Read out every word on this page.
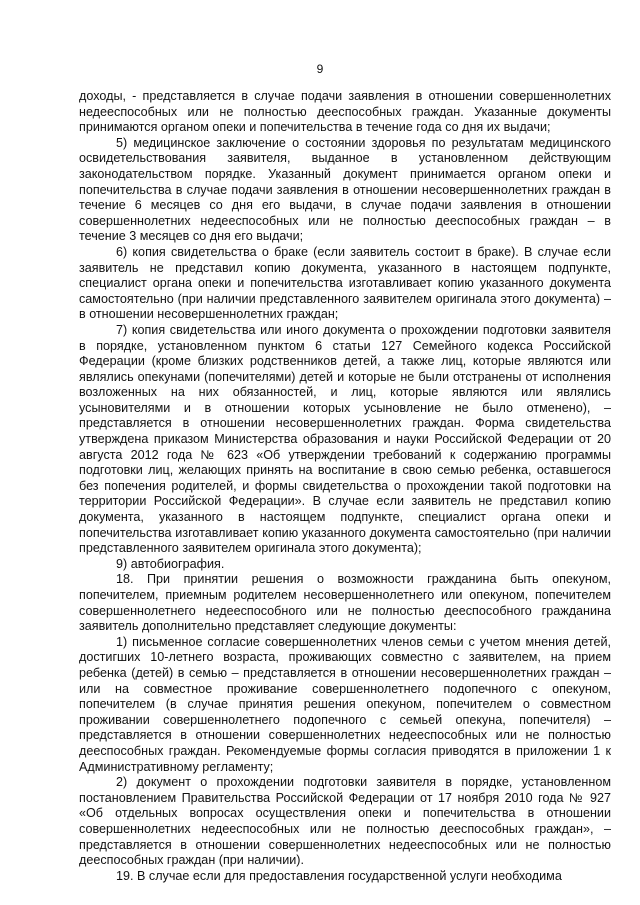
9

доходы, - представляется в случае подачи заявления в отношении совершеннолетних недееспособных или не полностью дееспособных граждан. Указанные документы принимаются органом опеки и попечительства в течение года со дня их выдачи;

5) медицинское заключение о состоянии здоровья по результатам медицинского освидетельствования заявителя, выданное в установленном действующим законодательством порядке. Указанный документ принимается органом опеки и попечительства в случае подачи заявления в отношении несовершеннолетних граждан в течение 6 месяцев со дня его выдачи, в случае подачи заявления в отношении совершеннолетних недееспособных или не полностью дееспособных граждан – в течение 3 месяцев со дня его выдачи;

6) копия свидетельства о браке (если заявитель состоит в браке). В случае если заявитель не представил копию документа, указанного в настоящем подпункте, специалист органа опеки и попечительства изготавливает копию указанного документа самостоятельно (при наличии представленного заявителем оригинала этого документа) – в отношении несовершеннолетних граждан;

7) копия свидетельства или иного документа о прохождении подготовки заявителя в порядке, установленном пунктом 6 статьи 127 Семейного кодекса Российской Федерации (кроме близких родственников детей, а также лиц, которые являются или являлись опекунами (попечителями) детей и которые не были отстранены от исполнения возложенных на них обязанностей, и лиц, которые являются или являлись усыновителями и в отношении которых усыновление не было отменено), – представляется в отношении несовершеннолетних граждан. Форма свидетельства утверждена приказом Министерства образования и науки Российской Федерации от 20 августа 2012 года № 623 «Об утверждении требований к содержанию программы подготовки лиц, желающих принять на воспитание в свою семью ребенка, оставшегося без попечения родителей, и формы свидетельства о прохождении такой подготовки на территории Российской Федерации». В случае если заявитель не представил копию документа, указанного в настоящем подпункте, специалист органа опеки и попечительства изготавливает копию указанного документа самостоятельно (при наличии представленного заявителем оригинала этого документа);

9) автобиография.

18. При принятии решения о возможности гражданина быть опекуном, попечителем, приемным родителем несовершеннолетнего или опекуном, попечителем совершеннолетнего недееспособного или не полностью дееспособного гражданина заявитель дополнительно представляет следующие документы:

1) письменное согласие совершеннолетних членов семьи с учетом мнения детей, достигших 10-летнего возраста, проживающих совместно с заявителем, на прием ребенка (детей) в семью – представляется в отношении несовершеннолетних граждан – или на совместное проживание совершеннолетнего подопечного с опекуном, попечителем (в случае принятия решения опекуном, попечителем о совместном проживании совершеннолетнего подопечного с семьей опекуна, попечителя) – представляется в отношении совершеннолетних недееспособных или не полностью дееспособных граждан. Рекомендуемые формы согласия приводятся в приложении 1 к Административному регламенту;

2) документ о прохождении подготовки заявителя в порядке, установленном постановлением Правительства Российской Федерации от 17 ноября 2010 года № 927 «Об отдельных вопросах осуществления опеки и попечительства в отношении совершеннолетних недееспособных или не полностью дееспособных граждан», – представляется в отношении совершеннолетних недееспособных или не полностью дееспособных граждан (при наличии).

19. В случае если для предоставления государственной услуги необходима
